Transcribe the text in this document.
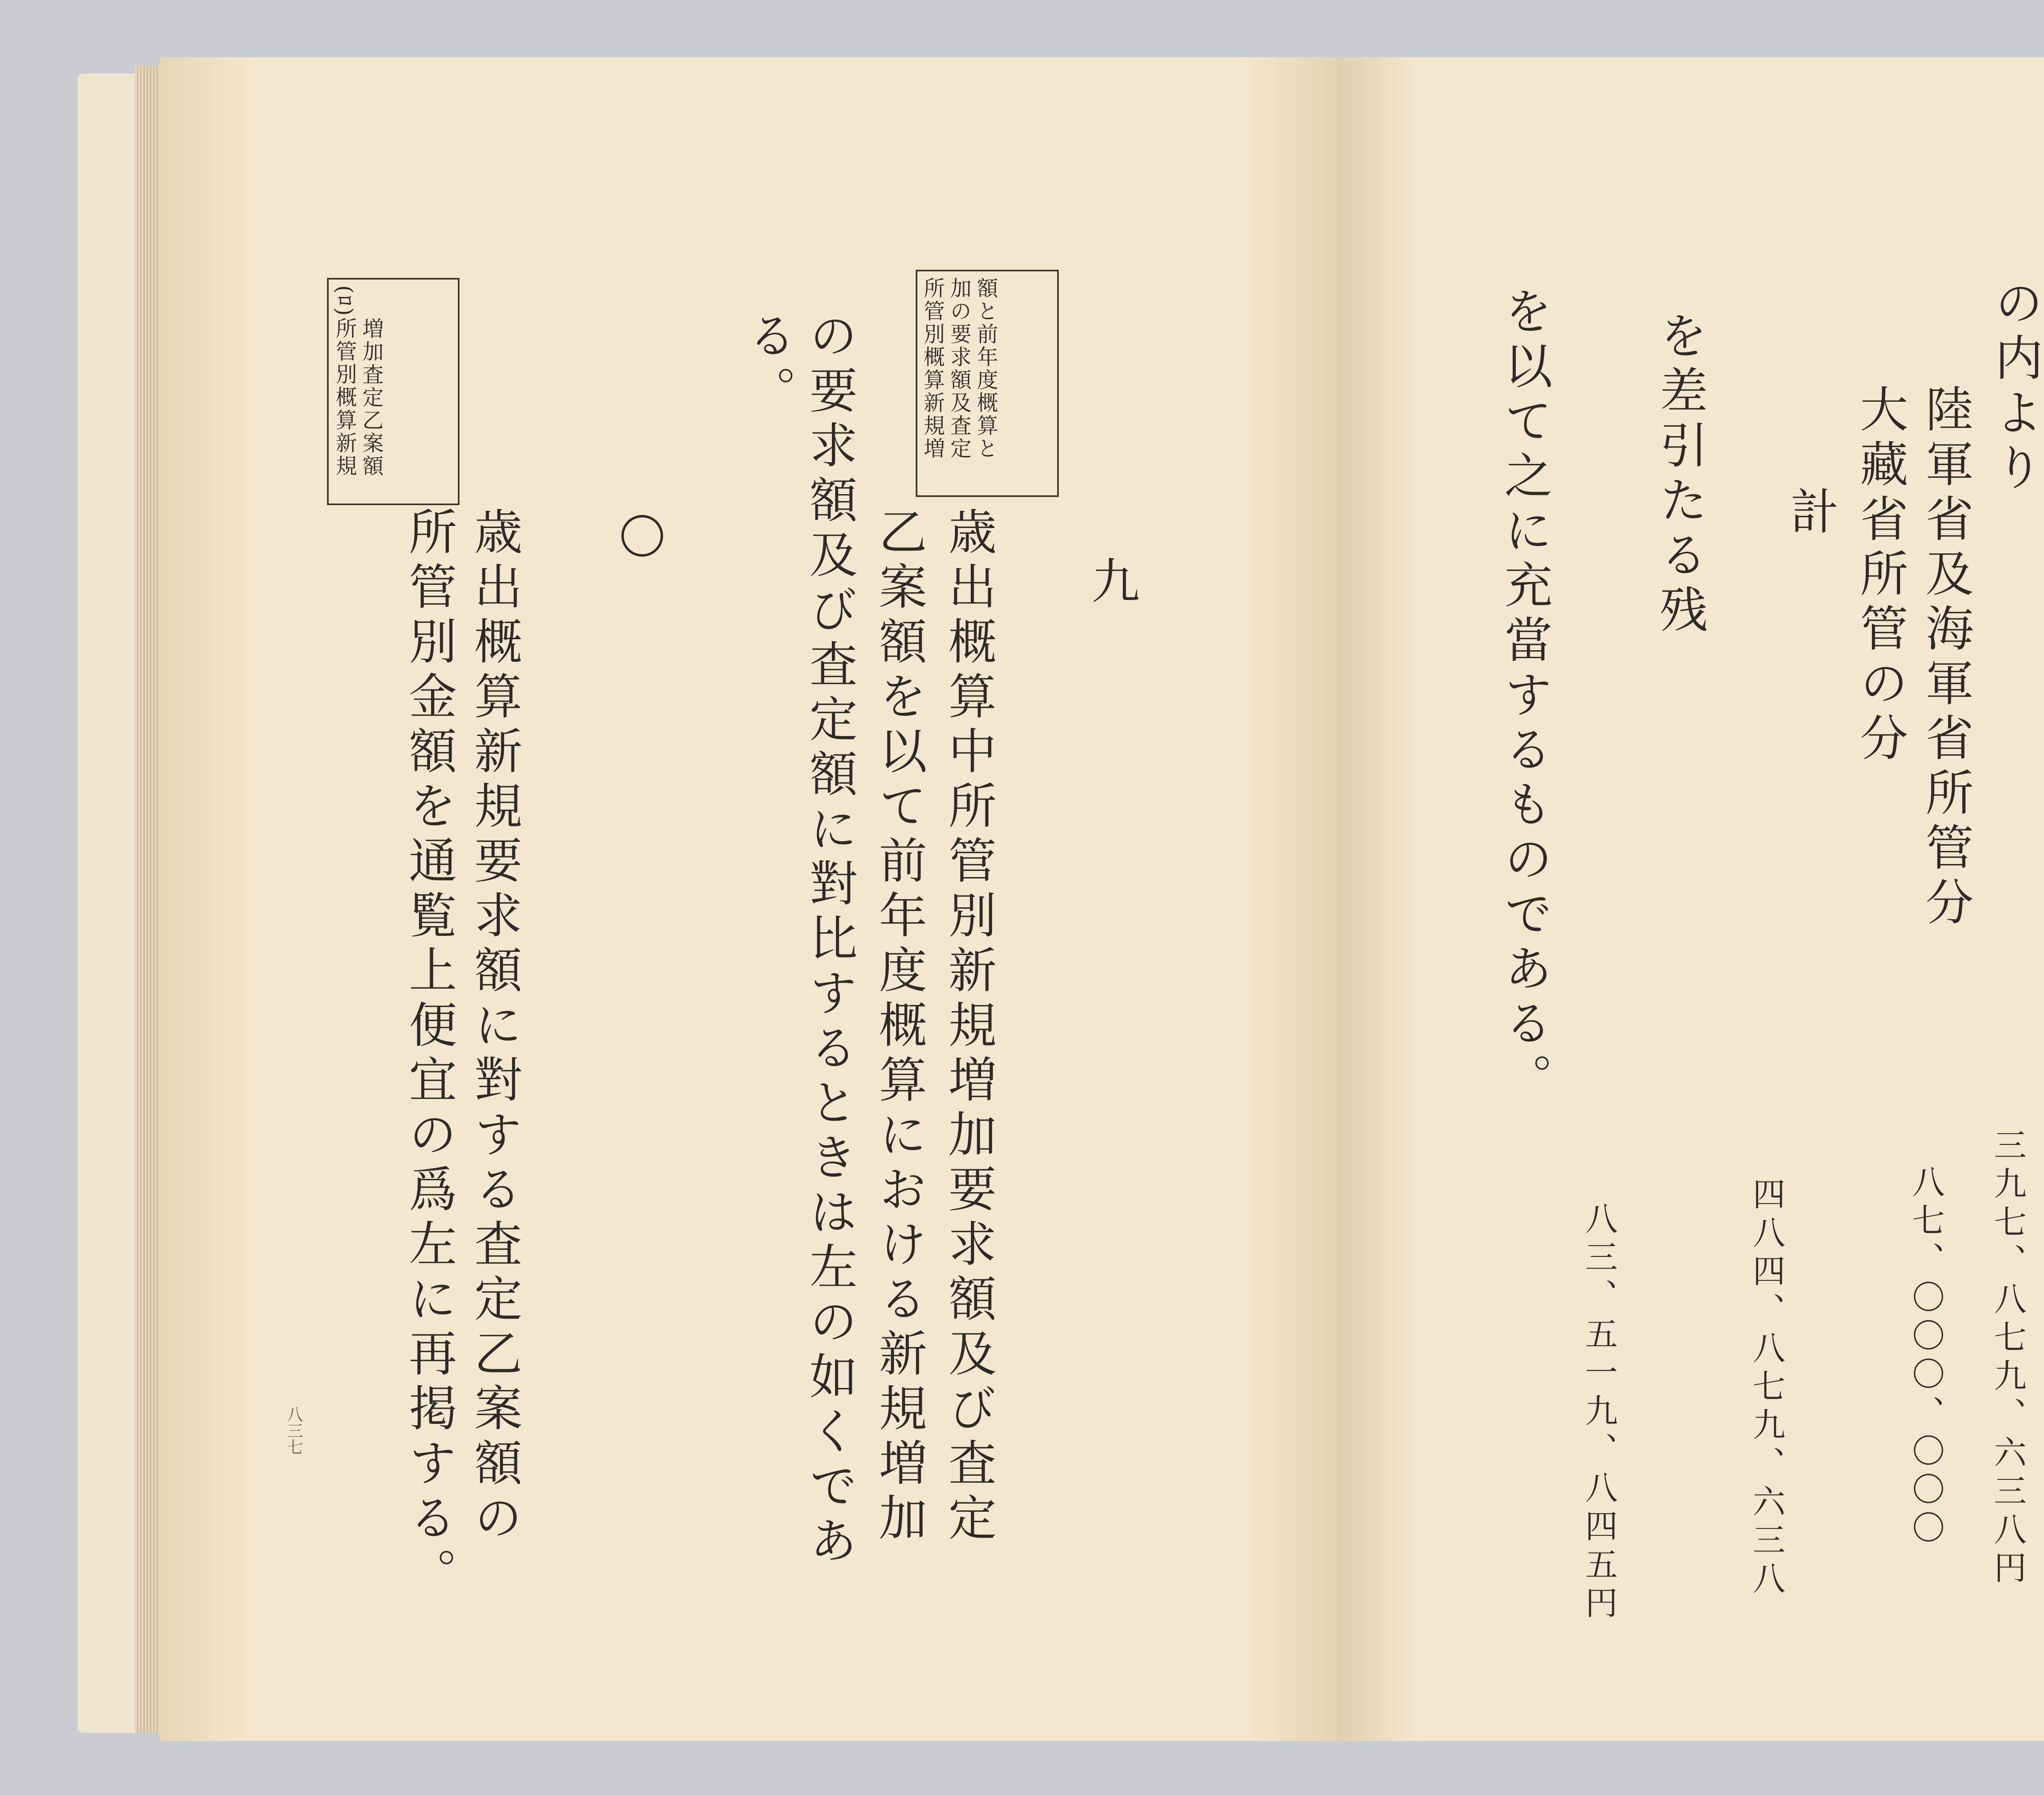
(ﾛ)所管別概算新規 増加査定乙案額	所管別概算新規増 加の要求額及査定 額と前年度概算と
九
歳出概算中所管別新規増加要求額及び査定
乙案額を以て前年度概算における新規増加
の要求額及び査定額に對比するときは左の如くであ
る。
歳出概算新規要求額に對する査定乙案額の
所管別金額を通覧上便宜の爲左に再掲する。
八三七

の内より
陸軍省及海軍省所管分
三九七、八七九、六三八円
大藏省所管の分
八七、〇〇〇、〇〇〇
計
四八四、八七九、六三八
を差引たる残
八三、五一九、八四五円
を以て之に充當するものである。
